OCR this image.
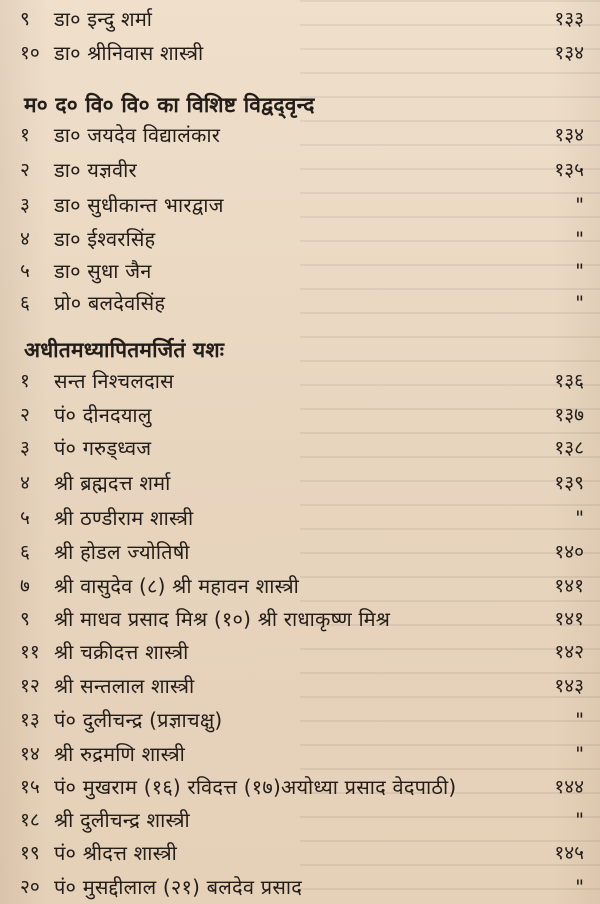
९ डा० इन्दु शर्मा	१३३
१० डा० श्रीनिवास शास्त्री	१३४
म० द० वि० वि० का विशिष्ट विद्वद्‌वृन्द
१ डा० जयदेव विद्यालंकार	१३४
२ डा० यज्ञवीर	१३५
३ डा० सुधीकान्त भारद्वाज	"
४ डा० ईश्वरसिंह	"
५ डा० सुधा जैन	"
६ प्रो० बलदेवसिंह	"
अधीतमध्यापितमर्जितं यशः
१ सन्त निश्चलदास	१३६
२ पं० दीनदयालु	१३७
३ पं० गरुड्ध्वज	१३८
४ श्री ब्रह्मदत्त शर्मा	१३९
५ श्री ठण्डीराम शास्त्री	"
६ श्री होडल ज्योतिषी	१४०
७ श्री वासुदेव (८) श्री महावन शास्त्री	१४१
९ श्री माधव प्रसाद मिश्र (१०) श्री राधाकृष्ण मिश्र	१४१
११ श्री चक्रीदत्त शास्त्री	१४२
१२ श्री सन्तलाल शास्त्री	१४३
१३ पं० दुलीचन्द्र (प्रज्ञाचक्षु)	"
१४ श्री रुद्रमणि शास्त्री	"
१५ पं० मुखराम (१६) रविदत्त (१७)अयोध्या प्रसाद वेदपाठी)	१४४
१८ श्री दुलीचन्द्र शास्त्री	"
१९ पं० श्रीदत्त शास्त्री	१४५
२० पं० मुसद्दीलाल (२१) बलदेव प्रसाद	"
